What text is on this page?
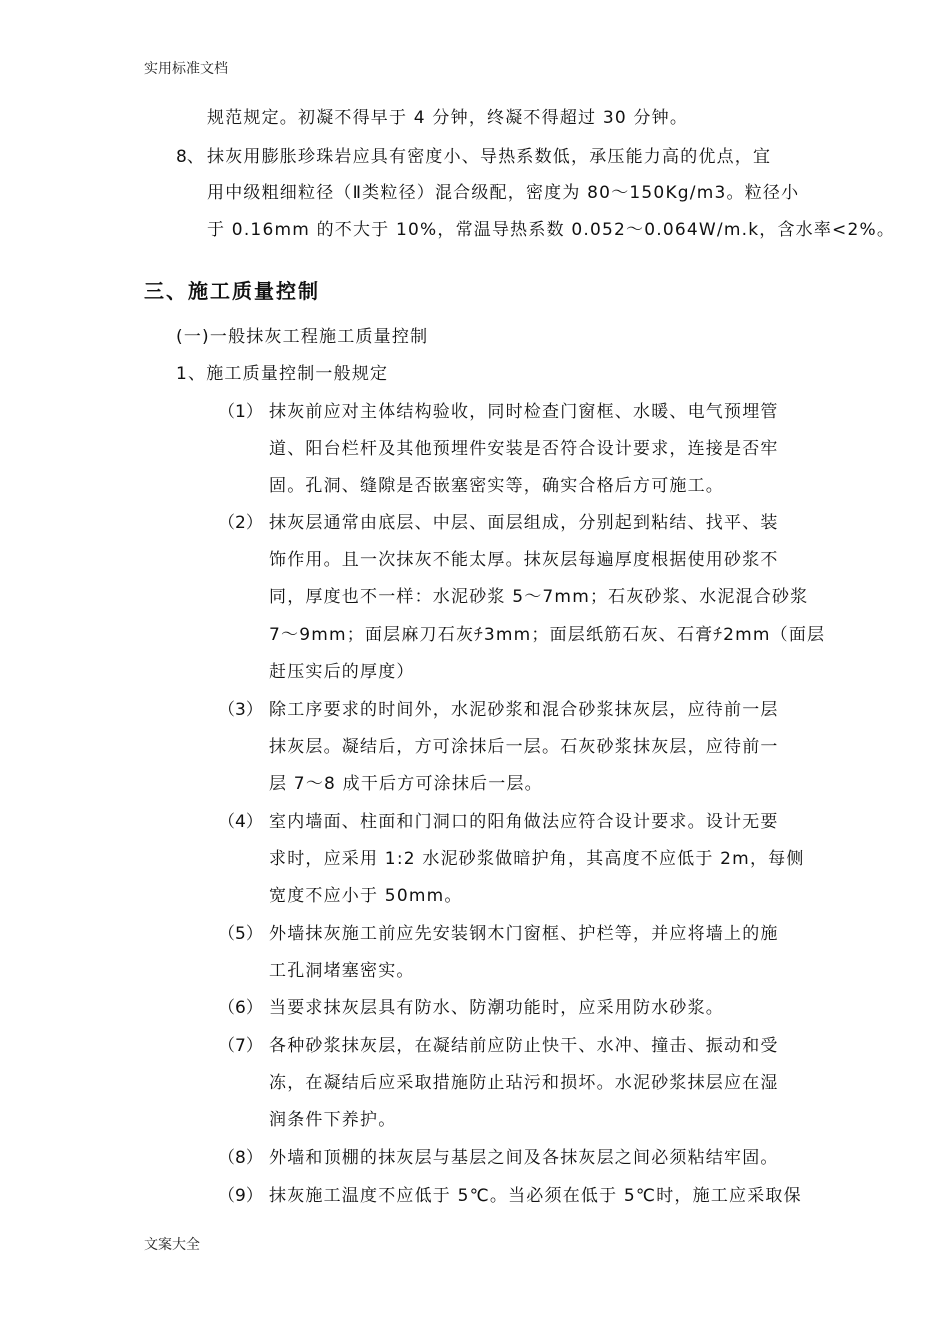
实用标准文档
规范规定。初凝不得早于 4 分钟，终凝不得超过 30 分钟。
8、 抹灰用膨胀珍珠岩应具有密度小、导热系数低，承压能力高的优点，宜
用中级粗细粒径（Ⅱ类粒径）混合级配，密度为 80～150Kg/m3。粒径小
于 0.16mm 的不大于 10%，常温导热系数 0.052～0.064W/m.k，含水率<2%。
三、施工质量控制
(一)一般抹灰工程施工质量控制
1、施工质量控制一般规定
（1） 抹灰前应对主体结构验收，同时检查门窗框、水暖、电气预埋管
道、阳台栏杆及其他预埋件安装是否符合设计要求，连接是否牢
固。孔洞、缝隙是否嵌塞密实等，确实合格后方可施工。
（2） 抹灰层通常由底层、中层、面层组成，分别起到粘结、找平、装
饰作用。且一次抹灰不能太厚。抹灰层每遍厚度根据使用砂浆不
同，厚度也不一样：水泥砂浆 5～7mm；石灰砂浆、水泥混合砂浆
7～9mm；面层麻刀石灰ﾁ3mm；面层纸筋石灰、石膏ﾁ2mm（面层
赶压实后的厚度）
（3） 除工序要求的时间外，水泥砂浆和混合砂浆抹灰层，应待前一层
抹灰层。凝结后，方可涂抹后一层。石灰砂浆抹灰层，应待前一
层 7～8 成干后方可涂抹后一层。
（4） 室内墙面、柱面和门洞口的阳角做法应符合设计要求。设计无要
求时，应采用 1:2 水泥砂浆做暗护角，其高度不应低于 2m，每侧
宽度不应小于 50mm。
（5） 外墙抹灰施工前应先安装钢木门窗框、护栏等，并应将墙上的施
工孔洞堵塞密实。
（6） 当要求抹灰层具有防水、防潮功能时，应采用防水砂浆。
（7） 各种砂浆抹灰层，在凝结前应防止快干、水冲、撞击、振动和受
冻，在凝结后应采取措施防止玷污和损坏。水泥砂浆抹层应在湿
润条件下养护。
（8） 外墙和顶棚的抹灰层与基层之间及各抹灰层之间必须粘结牢固。
（9） 抹灰施工温度不应低于 5℃。当必须在低于 5℃时，施工应采取保
文案大全
